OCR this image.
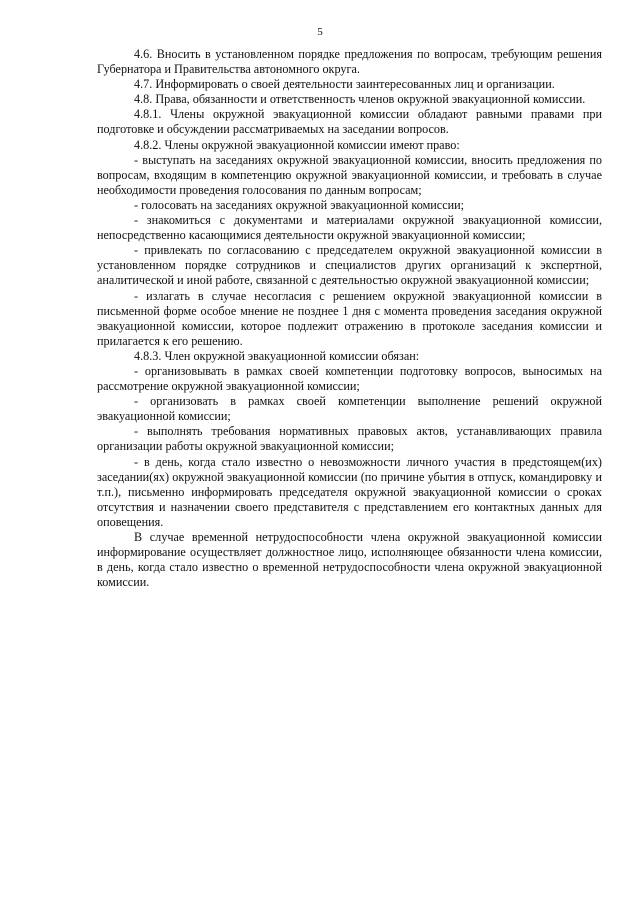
5

4.6. Вносить в установленном порядке предложения по вопросам, требующим решения Губернатора и Правительства автономного округа.

4.7. Информировать о своей деятельности заинтересованных лиц и организации.

4.8. Права, обязанности и ответственность членов окружной эвакуационной комиссии.

4.8.1. Члены окружной эвакуационной комиссии обладают равными правами при подготовке и обсуждении рассматриваемых на заседании вопросов.

4.8.2. Члены окружной эвакуационной комиссии имеют право:

- выступать на заседаниях окружной эвакуационной комиссии, вносить предложения по вопросам, входящим в компетенцию окружной эвакуационной комиссии, и требовать в случае необходимости проведения голосования по данным вопросам;

- голосовать на заседаниях окружной эвакуационной комиссии;

- знакомиться с документами и материалами окружной эвакуационной комиссии, непосредственно касающимися деятельности окружной эвакуационной комиссии;

- привлекать по согласованию с председателем окружной эвакуационной комиссии в установленном порядке сотрудников и специалистов других организаций к экспертной, аналитической и иной работе, связанной с деятельностью окружной эвакуационной комиссии;

- излагать в случае несогласия с решением окружной эвакуационной комиссии в письменной форме особое мнение не позднее 1 дня с момента проведения заседания окружной эвакуационной комиссии, которое подлежит отражению в протоколе заседания комиссии и прилагается к его решению.

4.8.3. Член окружной эвакуационной комиссии обязан:

- организовывать в рамках своей компетенции подготовку вопросов, выносимых на рассмотрение окружной эвакуационной комиссии;

- организовать в рамках своей компетенции выполнение решений окружной эвакуационной комиссии;

- выполнять требования нормативных правовых актов, устанавливающих правила организации работы окружной эвакуационной комиссии;

- в день, когда стало известно о невозможности личного участия в предстоящем(их) заседании(ях) окружной эвакуационной комиссии (по причине убытия в отпуск, командировку и т.п.), письменно информировать председателя окружной эвакуационной комиссии о сроках отсутствия и назначении своего представителя с представлением его контактных данных для оповещения.

В случае временной нетрудоспособности члена окружной эвакуационной комиссии информирование осуществляет должностное лицо, исполняющее обязанности члена комиссии, в день, когда стало известно о временной нетрудоспособности члена окружной эвакуационной комиссии.
